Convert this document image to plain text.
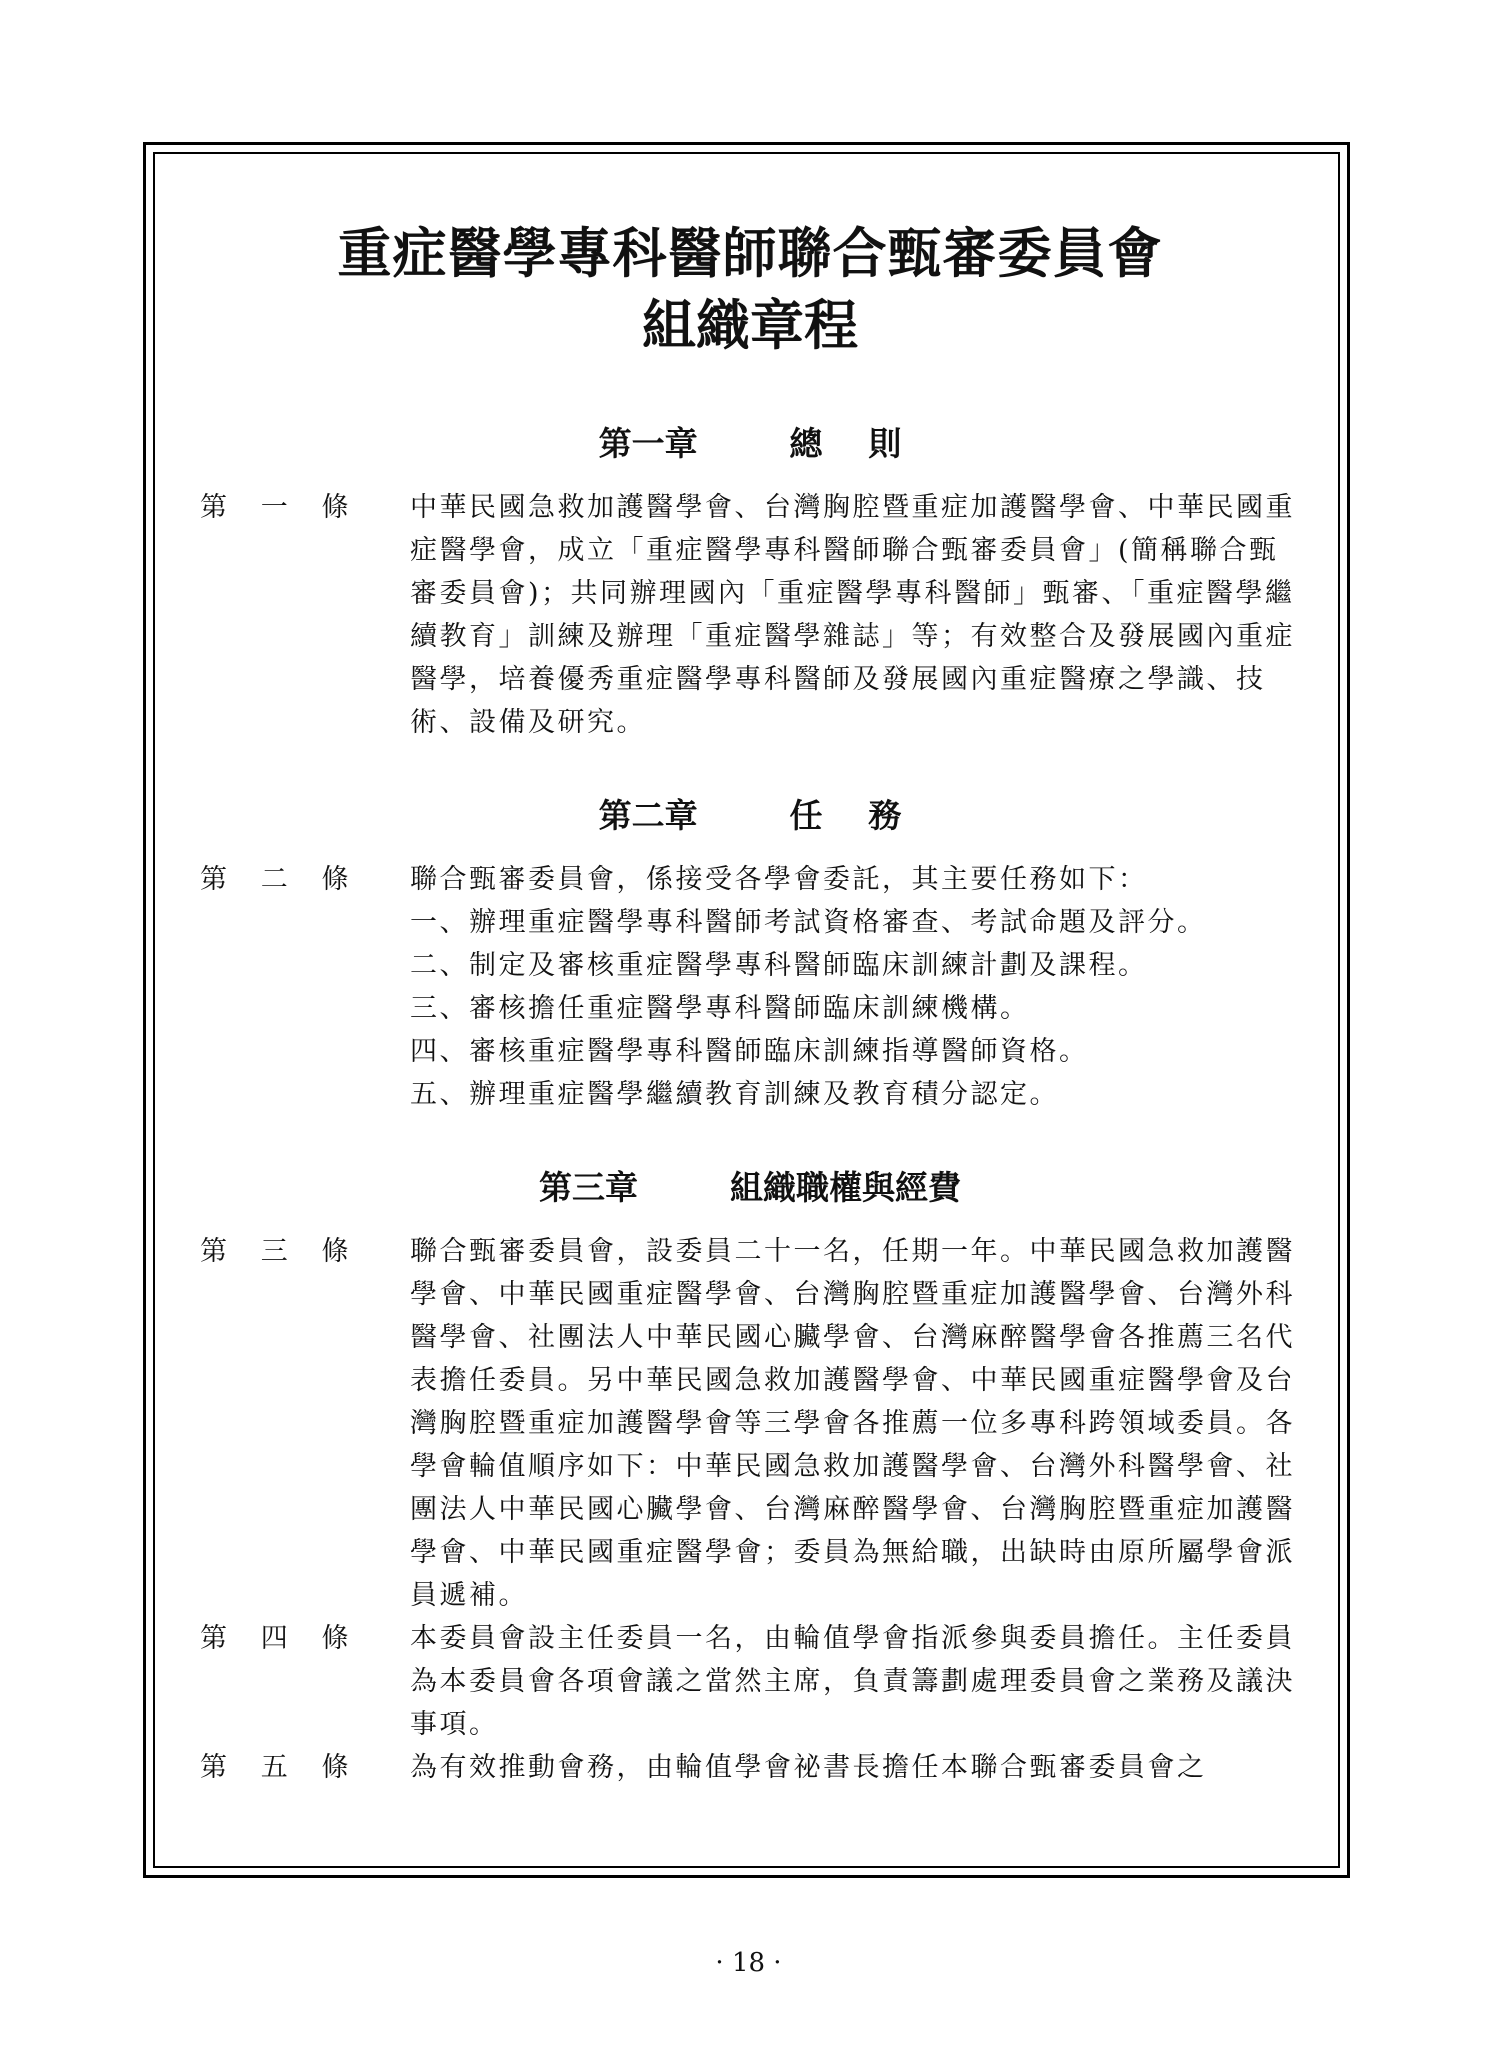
重症醫學專科醫師聯合甄審委員會
組織章程
第一章        總    則
第   一   條	中華民國急救加護醫學會、台灣胸腔暨重症加護醫學會、中華民國重症醫學會，成立「重症醫學專科醫師聯合甄審委員會」(簡稱聯合甄審委員會)；共同辦理國內「重症醫學專科醫師」甄審、「重症醫學繼續教育」訓練及辦理「重症醫學雜誌」等；有效整合及發展國內重症醫學，培養優秀重症醫學專科醫師及發展國內重症醫療之學識、技術、設備及研究。

第二章        任    務
第   二   條	聯合甄審委員會，係接受各學會委託，其主要任務如下：

一、辦理重症醫學專科醫師考試資格審查、考試命題及評分。

二、制定及審核重症醫學專科醫師臨床訓練計劃及課程。

三、審核擔任重症醫學專科醫師臨床訓練機構。

四、審核重症醫學專科醫師臨床訓練指導醫師資格。

五、辦理重症醫學繼續教育訓練及教育積分認定。

第三章        組織職權與經費
第   三   條	聯合甄審委員會，設委員二十一名，任期一年。中華民國急救加護醫學會、中華民國重症醫學會、台灣胸腔暨重症加護醫學會、台灣外科醫學會、社團法人中華民國心臟學會、台灣麻醉醫學會各推薦三名代表擔任委員。另中華民國急救加護醫學會、中華民國重症醫學會及台灣胸腔暨重症加護醫學會等三學會各推薦一位多專科跨領域委員。各學會輪值順序如下：中華民國急救加護醫學會、台灣外科醫學會、社團法人中華民國心臟學會、台灣麻醉醫學會、台灣胸腔暨重症加護醫學會、中華民國重症醫學會；委員為無給職，出缺時由原所屬學會派員遞補。

第   四   條	本委員會設主任委員一名，由輪值學會指派參與委員擔任。主任委員為本委員會各項會議之當然主席，負責籌劃處理委員會之業務及議決事項。

第   五   條	為有效推動會務，由輪值學會祕書長擔任本聯合甄審委員會之

· 18 ·
